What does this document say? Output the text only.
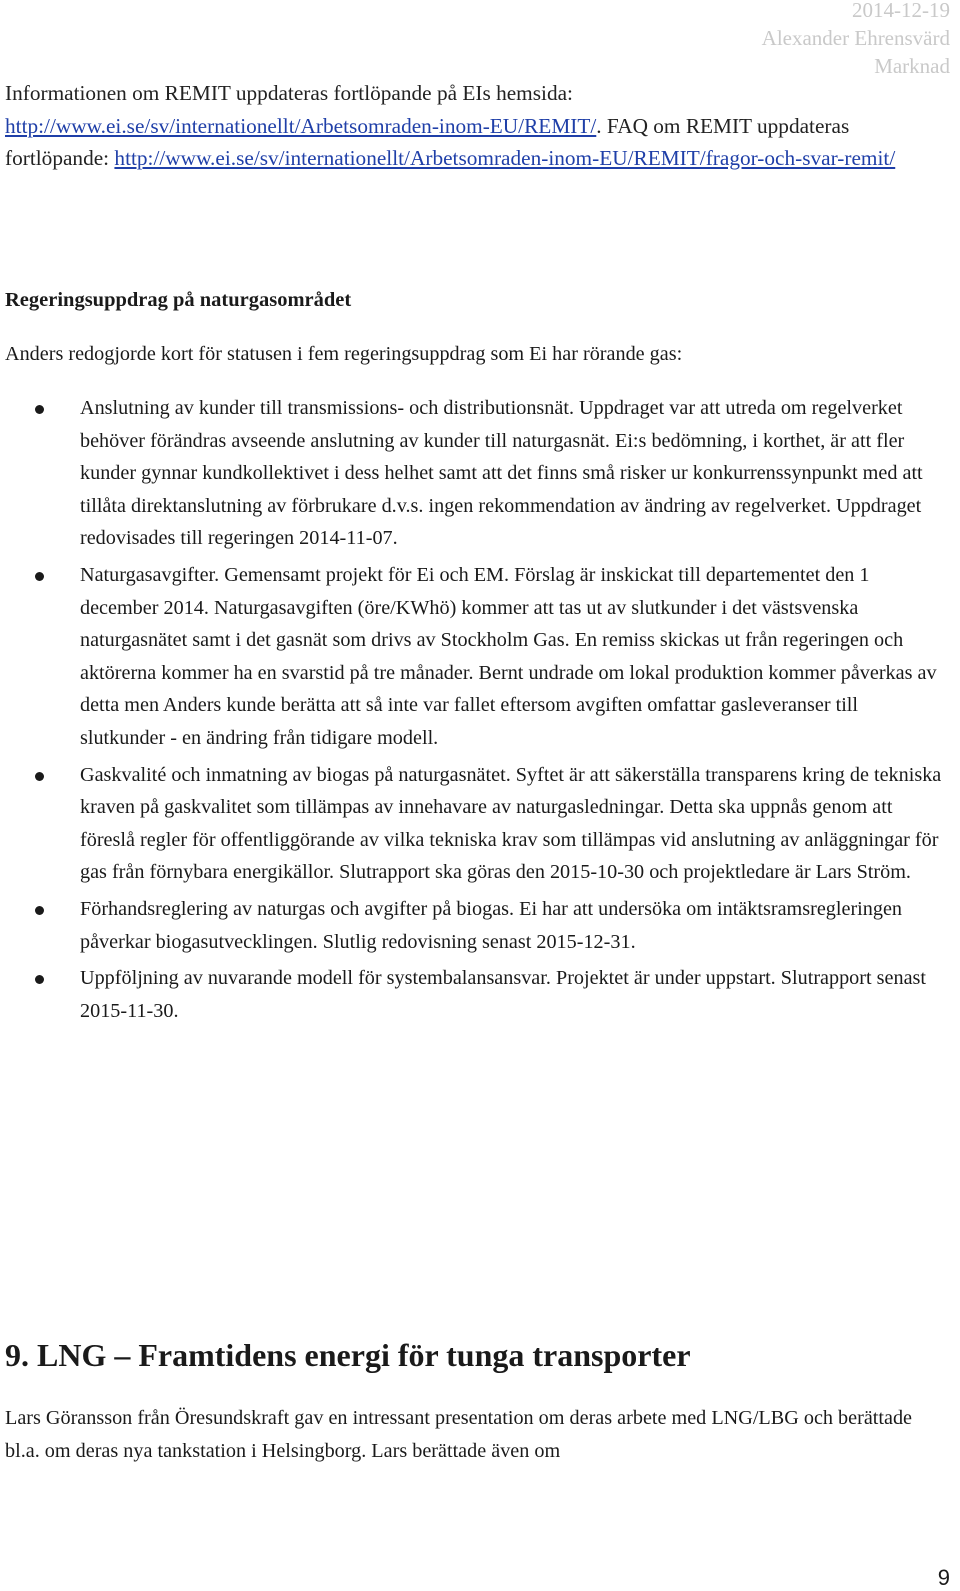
2014-12-19
Alexander Ehrensvärd
Marknad
Informationen om REMIT uppdateras fortlöpande på EIs hemsida: http://www.ei.se/sv/internationellt/Arbetsomraden-inom-EU/REMIT/. FAQ om REMIT uppdateras fortlöpande: http://www.ei.se/sv/internationellt/Arbetsomraden-inom-EU/REMIT/fragor-och-svar-remit/
Regeringsuppdrag på naturgasområdet
Anders redogjorde kort för statusen i fem regeringsuppdrag som Ei har rörande gas:
Anslutning av kunder till transmissions- och distributionsnät. Uppdraget var att utreda om regelverket behöver förändras avseende anslutning av kunder till naturgasnät. Ei:s bedömning, i korthet, är att fler kunder gynnar kundkollektivet i dess helhet samt att det finns små risker ur konkurrenssynpunkt med att tillåta direktanslutning av förbrukare d.v.s. ingen rekommendation av ändring av regelverket. Uppdraget redovisades till regeringen 2014-11-07.
Naturgasavgifter. Gemensamt projekt för Ei och EM. Förslag är inskickat till departementet den 1 december 2014. Naturgasavgiften (öre/KWhö) kommer att tas ut av slutkunder i det västsvenska naturgasnätet samt i det gasnät som drivs av Stockholm Gas. En remiss skickas ut från regeringen och aktörerna kommer ha en svarstid på tre månader. Bernt undrade om lokal produktion kommer påverkas av detta men Anders kunde berätta att så inte var fallet eftersom avgiften omfattar gasleveranser till slutkunder - en ändring från tidigare modell.
Gaskvalité och inmatning av biogas på naturgasnätet. Syftet är att säkerställa transparens kring de tekniska kraven på gaskvalitet som tillämpas av innehavare av naturgasledningar. Detta ska uppnås genom att föreslå regler för offentliggörande av vilka tekniska krav som tillämpas vid anslutning av anläggningar för gas från förnybara energikällor. Slutrapport ska göras den 2015-10-30 och projektledare är Lars Ström.
Förhandsreglering av naturgas och avgifter på biogas. Ei har att undersöka om intäktsramsregleringen påverkar biogasutvecklingen. Slutlig redovisning senast 2015-12-31.
Uppföljning av nuvarande modell för systembalansansvar. Projektet är under uppstart. Slutrapport senast 2015-11-30.
9. LNG – Framtidens energi för tunga transporter
Lars Göransson från Öresundskraft gav en intressant presentation om deras arbete med LNG/LBG och berättade bl.a. om deras nya tankstation i Helsingborg. Lars berättade även om
9
